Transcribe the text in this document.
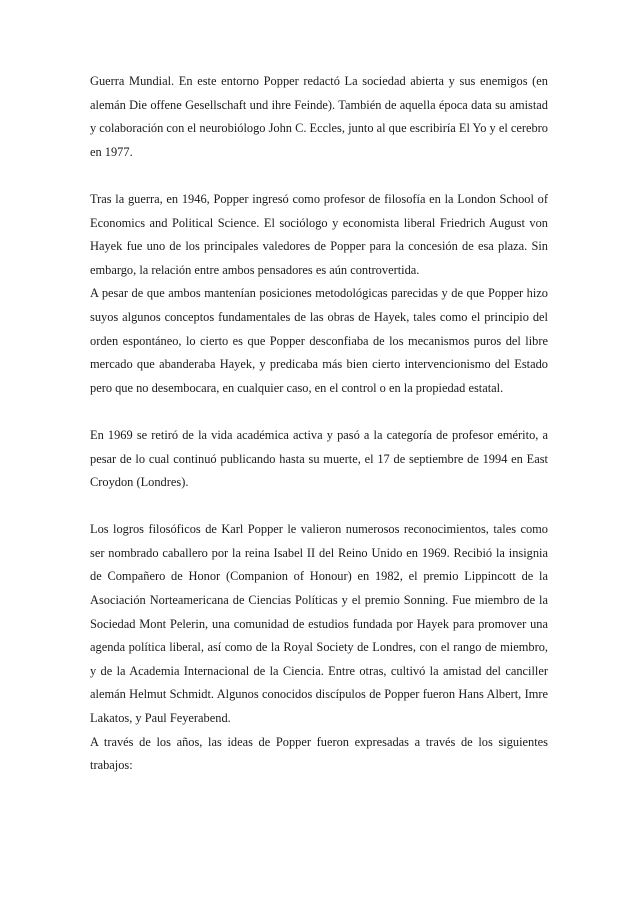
Guerra Mundial. En este entorno Popper redactó La sociedad abierta y sus enemigos (en alemán Die offene Gesellschaft und ihre Feinde). También de aquella época data su amistad y colaboración con el neurobiólogo John C. Eccles, junto al que escribiría El Yo y el cerebro en 1977.

Tras la guerra, en 1946, Popper ingresó como profesor de filosofía en la London School of Economics and Political Science. El sociólogo y economista liberal Friedrich August von Hayek fue uno de los principales valedores de Popper para la concesión de esa plaza. Sin embargo, la relación entre ambos pensadores es aún controvertida.

A pesar de que ambos mantenían posiciones metodológicas parecidas y de que Popper hizo suyos algunos conceptos fundamentales de las obras de Hayek, tales como el principio del orden espontáneo, lo cierto es que Popper desconfiaba de los mecanismos puros del libre mercado que abanderaba Hayek, y predicaba más bien cierto intervencionismo del Estado pero que no desembocara, en cualquier caso, en el control o en la propiedad estatal.

En 1969 se retiró de la vida académica activa y pasó a la categoría de profesor emérito, a pesar de lo cual continuó publicando hasta su muerte, el 17 de septiembre de 1994 en East Croydon (Londres).

Los logros filosóficos de Karl Popper le valieron numerosos reconocimientos, tales como ser nombrado caballero por la reina Isabel II del Reino Unido en 1969. Recibió la insignia de Compañero de Honor (Companion of Honour) en 1982, el premio Lippincott de la Asociación Norteamericana de Ciencias Políticas y el premio Sonning. Fue miembro de la Sociedad Mont Pelerin, una comunidad de estudios fundada por Hayek para promover una agenda política liberal, así como de la Royal Society de Londres, con el rango de miembro, y de la Academia Internacional de la Ciencia. Entre otras, cultivó la amistad del canciller alemán Helmut Schmidt. Algunos conocidos discípulos de Popper fueron Hans Albert, Imre Lakatos, y Paul Feyerabend.

A través de los años, las ideas de Popper fueron expresadas a través de los siguientes trabajos:
